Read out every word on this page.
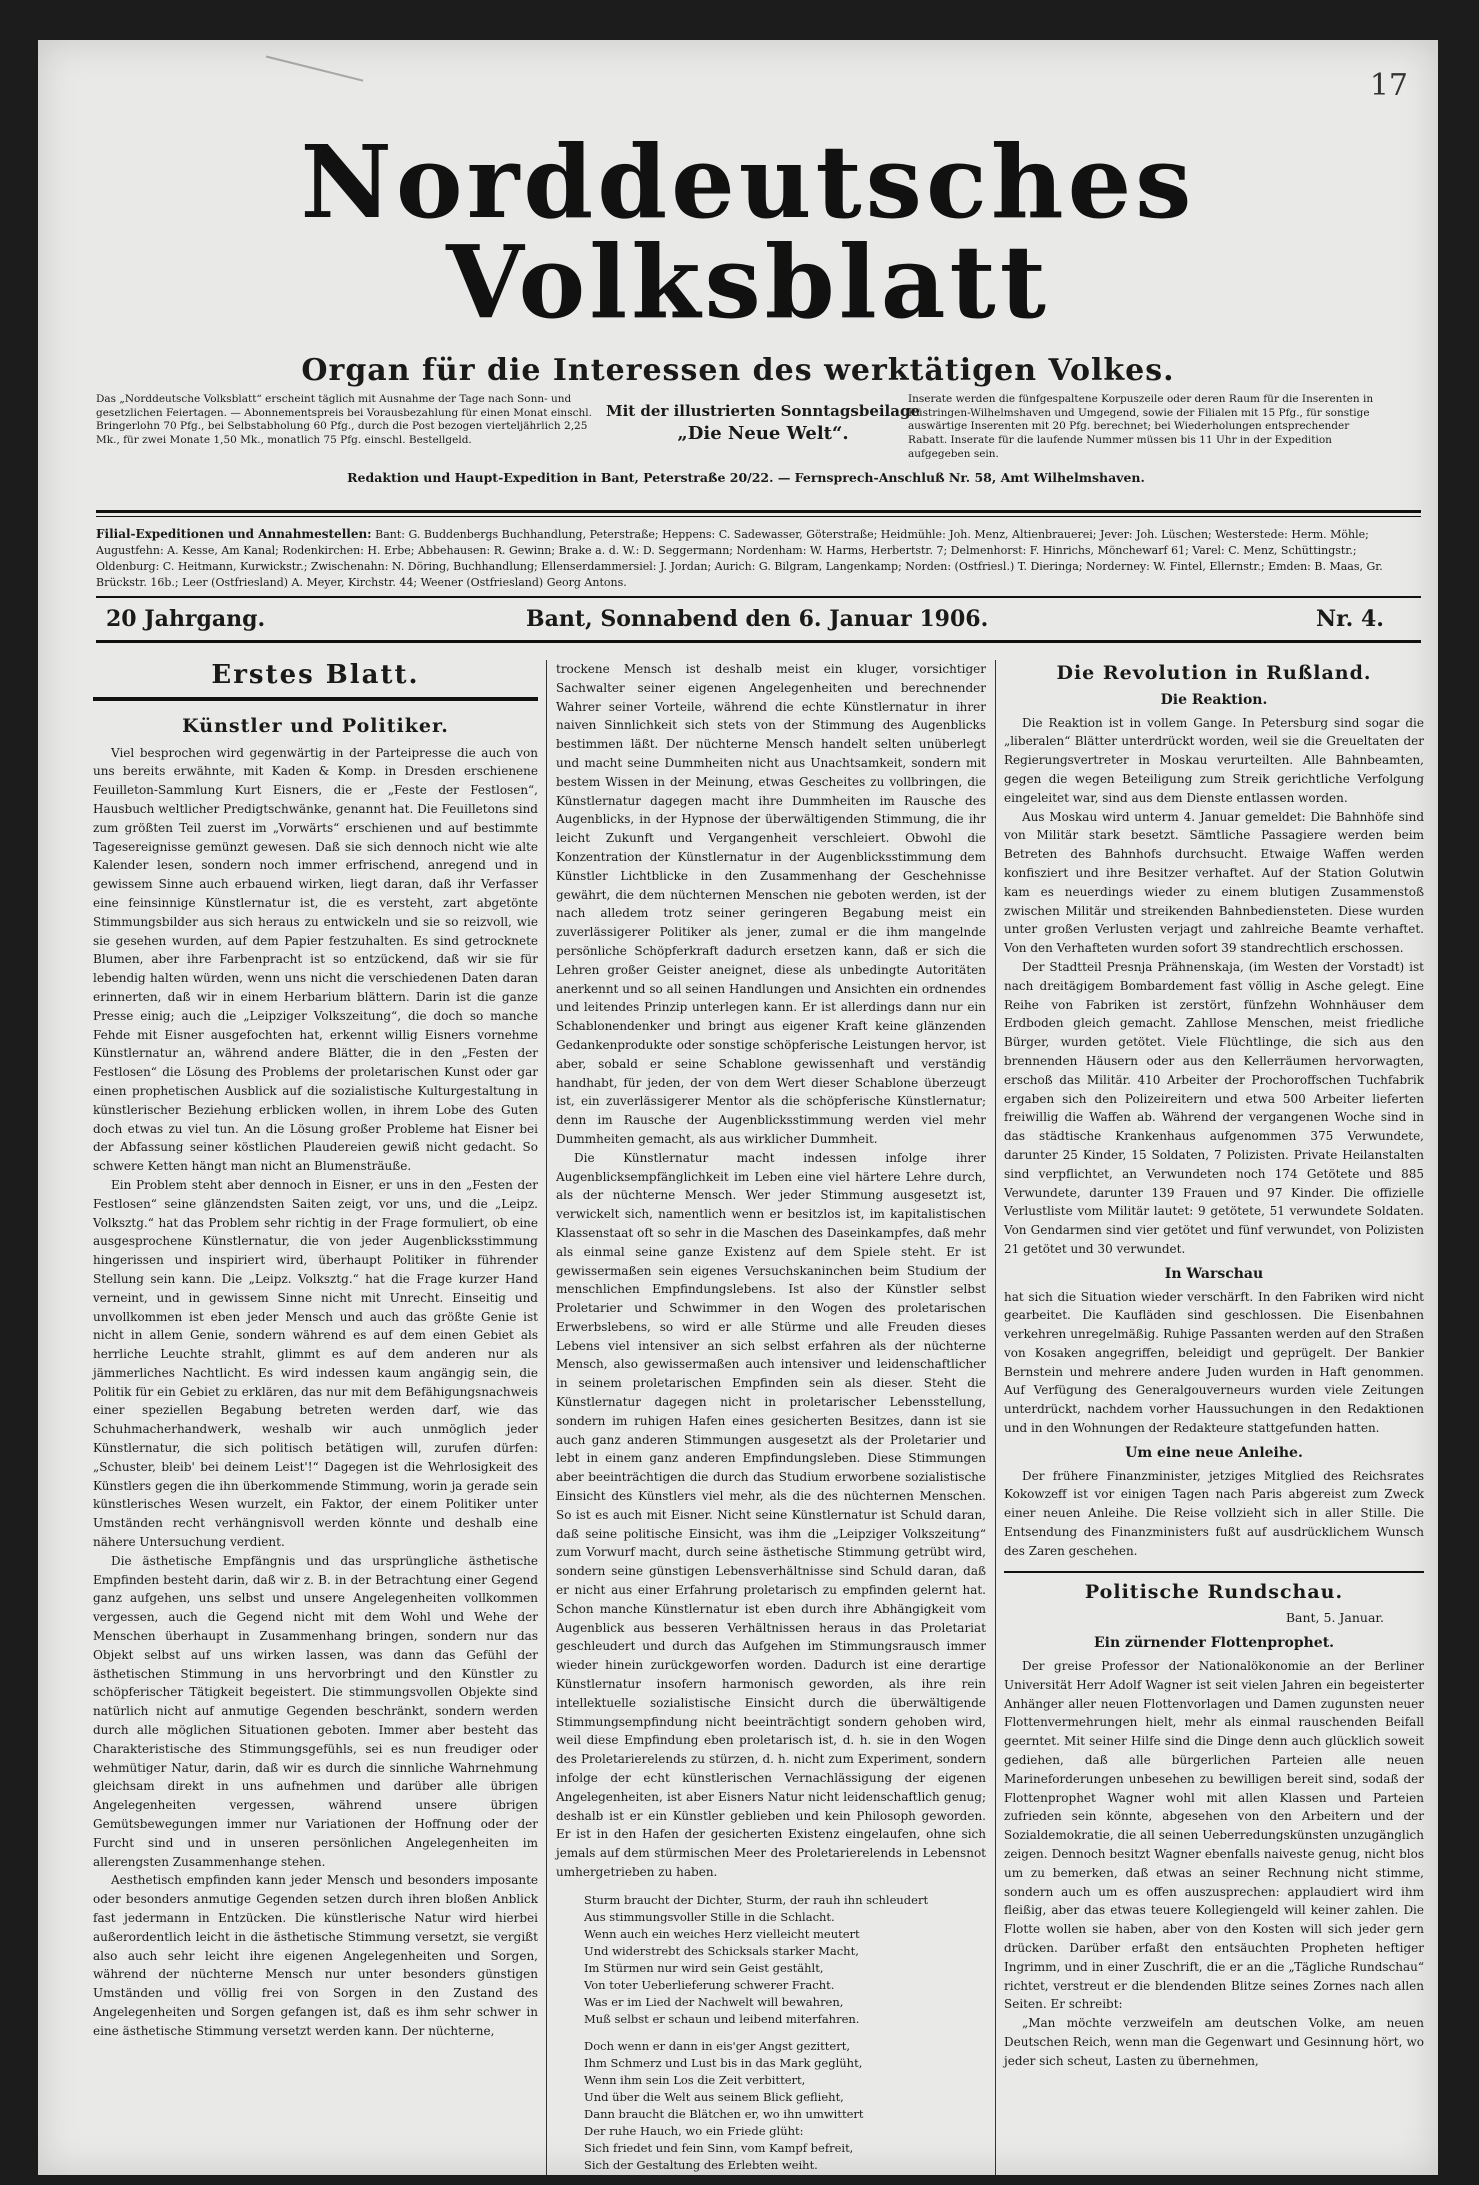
17
Norddeutsches Volksblatt
Organ für die Interessen des werktätigen Volkes.
Das „Norddeutsche Volksblatt“ erscheint täglich mit Ausnahme der Tage nach Sonn- und gesetzlichen Feiertagen. — Abonnementspreis bei Vorausbezahlung für einen Monat einschl. Bringerlohn 70 Pfg., bei Selbstabholung 60 Pfg., durch die Post bezogen vierteljährlich 2,25 Mk., für zwei Monate 1,50 Mk., monatlich 75 Pfg. einschl. Bestellgeld.
Mit der illustrierten Sonntagsbeilage
„Die Neue Welt“.
Inserate werden die fünfgespaltene Korpuszeile oder deren Raum für die Inserenten in Rüstringen-Wilhelmshaven und Umgegend, sowie der Filialen mit 15 Pfg., für sonstige auswärtige Inserenten mit 20 Pfg. berechnet; bei Wiederholungen entsprechender Rabatt. Inserate für die laufende Nummer müssen bis 11 Uhr in der Expedition aufgegeben sein.
Redaktion und Haupt-Expedition in Bant, Peterstraße 20/22. — Fernsprech-Anschluß Nr. 58, Amt Wilhelmshaven.
Filial-Expeditionen und Annahmestellen: Bant: G. Buddenbergs Buchhandlung, Peterstraße; Heppens: C. Sadewasser, Göterstraße; Heidmühle: Joh. Menz, Altienbrauerei; Jever: Joh. Lüschen; Westerstede: Herm. Möhle; Augustfehn: A. Kesse, Am Kanal; Rodenkirchen: H. Erbe; Abbehausen: R. Gewinn; Brake a. d. W.: D. Seggermann; Nordenham: W. Harms, Herbertstr. 7; Delmenhorst: F. Hinrichs, Mönchewarf 61; Varel: C. Menz, Schüttingstr.; Oldenburg: C. Heitmann, Kurwickstr.; Zwischenahn: N. Döring, Buchhandlung; Ellenserdammersiel: J. Jordan; Aurich: G. Bilgram, Langenkamp; Norden: (Ostfriesl.) T. Dieringa; Norderney: W. Fintel, Ellernstr.; Emden: B. Maas, Gr. Brückstr. 16b.; Leer (Ostfriesland) A. Meyer, Kirchstr. 44; Weener (Ostfriesland) Georg Antons.
20 Jahrgang.	Bant, Sonnabend den 6. Januar 1906.	Nr. 4.
Erstes Blatt.
Künstler und Politiker.

Viel besprochen wird gegenwärtig in der Parteipresse die auch von uns bereits erwähnte, mit Kaden & Komp. in Dresden erschienene Feuilleton-Sammlung Kurt Eisners, die er „Feste der Festlosen“, Hausbuch weltlicher Predigtschwänke, genannt hat. Die Feuilletons sind zum größten Teil zuerst im „Vorwärts“ erschienen und auf bestimmte Tagesereignisse gemünzt gewesen. Daß sie sich dennoch nicht wie alte Kalender lesen, sondern noch immer erfrischend, anregend und in gewissem Sinne auch erbauend wirken, liegt daran, daß ihr Verfasser eine feinsinnige Künstlernatur ist, die es versteht, zart abgetönte Stimmungsbilder aus sich heraus zu entwickeln und sie so reizvoll, wie sie gesehen wurden, auf dem Papier festzuhalten. Es sind getrocknete Blumen, aber ihre Farbenpracht ist so entzückend, daß wir sie für lebendig halten würden, wenn uns nicht die verschiedenen Daten daran erinnerten, daß wir in einem Herbarium blättern. Darin ist die ganze Presse einig; auch die „Leipziger Volkszeitung“, die doch so manche Fehde mit Eisner ausgefochten hat, erkennt willig Eisners vornehme Künstlernatur an, während andere Blätter, die in den „Festen der Festlosen“ die Lösung des Problems der proletarischen Kunst oder gar einen prophetischen Ausblick auf die sozialistische Kulturgestaltung in künstlerischer Beziehung erblicken wollen, in ihrem Lobe des Guten doch etwas zu viel tun. An die Lösung großer Probleme hat Eisner bei der Abfassung seiner köstlichen Plaudereien gewiß nicht gedacht. So schwere Ketten hängt man nicht an Blumensträuße.

Ein Problem steht aber dennoch in Eisner, er uns in den „Festen der Festlosen“ seine glänzendsten Saiten zeigt, vor uns, und die „Leipz. Volksztg.“ hat das Problem sehr richtig in der Frage formuliert, ob eine ausgesprochene Künstlernatur, die von jeder Augenblicksstimmung hingerissen und inspiriert wird, überhaupt Politiker in führender Stellung sein kann. Die „Leipz. Volksztg.“ hat die Frage kurzer Hand verneint, und in gewissem Sinne nicht mit Unrecht. Einseitig und unvollkommen ist eben jeder Mensch und auch das größte Genie ist nicht in allem Genie, sondern während es auf dem einen Gebiet als herrliche Leuchte strahlt, glimmt es auf dem anderen nur als jämmerliches Nachtlicht. Es wird indessen kaum angängig sein, die Politik für ein Gebiet zu erklären, das nur mit dem Befähigungsnachweis einer speziellen Begabung betreten werden darf, wie das Schuhmacherhandwerk, weshalb wir auch unmöglich jeder Künstlernatur, die sich politisch betätigen will, zurufen dürfen: „Schuster, bleib' bei deinem Leist'!“ Dagegen ist die Wehrlosigkeit des Künstlers gegen die ihn überkommende Stimmung, worin ja gerade sein künstlerisches Wesen wurzelt, ein Faktor, der einem Politiker unter Umständen recht verhängnisvoll werden könnte und deshalb eine nähere Untersuchung verdient.

Die ästhetische Empfängnis und das ursprüngliche ästhetische Empfinden besteht darin, daß wir z. B. in der Betrachtung einer Gegend ganz aufgehen, uns selbst und unsere Angelegenheiten vollkommen vergessen, auch die Gegend nicht mit dem Wohl und Wehe der Menschen überhaupt in Zusammenhang bringen, sondern nur das Objekt selbst auf uns wirken lassen, was dann das Gefühl der ästhetischen Stimmung in uns hervorbringt und den Künstler zu schöpferischer Tätigkeit begeistert. Die stimmungsvollen Objekte sind natürlich nicht auf anmutige Gegenden beschränkt, sondern werden durch alle möglichen Situationen geboten. Immer aber besteht das Charakteristische des Stimmungsgefühls, sei es nun freudiger oder wehmütiger Natur, darin, daß wir es durch die sinnliche Wahrnehmung gleichsam direkt in uns aufnehmen und darüber alle übrigen Angelegenheiten vergessen, während unsere übrigen Gemütsbewegungen immer nur Variationen der Hoffnung oder der Furcht sind und in unseren persönlichen Angelegenheiten im allerengsten Zusammenhange stehen.

Aesthetisch empfinden kann jeder Mensch und besonders imposante oder besonders anmutige Gegenden setzen durch ihren bloßen Anblick fast jedermann in Entzücken. Die künstlerische Natur wird hierbei außerordentlich leicht in die ästhetische Stimmung versetzt, sie vergißt also auch sehr leicht ihre eigenen Angelegenheiten und Sorgen, während der nüchterne Mensch nur unter besonders günstigen Umständen und völlig frei von Sorgen in den Zustand des Angelegenheiten und Sorgen gefangen ist, daß es ihm sehr schwer in eine ästhetische Stimmung versetzt werden kann. Der nüchterne,

trockene Mensch ist deshalb meist ein kluger, vorsichtiger Sachwalter seiner eigenen Angelegenheiten und berechnender Wahrer seiner Vorteile, während die echte Künstlernatur in ihrer naiven Sinnlichkeit sich stets von der Stimmung des Augenblicks bestimmen läßt. Der nüchterne Mensch handelt selten unüberlegt und macht seine Dummheiten nicht aus Unachtsamkeit, sondern mit bestem Wissen in der Meinung, etwas Gescheites zu vollbringen, die Künstlernatur dagegen macht ihre Dummheiten im Rausche des Augenblicks, in der Hypnose der überwältigenden Stimmung, die ihr leicht Zukunft und Vergangenheit verschleiert. Obwohl die Konzentration der Künstlernatur in der Augenblicksstimmung dem Künstler Lichtblicke in den Zusammenhang der Geschehnisse gewährt, die dem nüchternen Menschen nie geboten werden, ist der nach alledem trotz seiner geringeren Begabung meist ein zuverlässigerer Politiker als jener, zumal er die ihm mangelnde persönliche Schöpferkraft dadurch ersetzen kann, daß er sich die Lehren großer Geister aneignet, diese als unbedingte Autoritäten anerkennt und so all seinen Handlungen und Ansichten ein ordnendes und leitendes Prinzip unterlegen kann. Er ist allerdings dann nur ein Schablonendenker und bringt aus eigener Kraft keine glänzenden Gedankenprodukte oder sonstige schöpferische Leistungen hervor, ist aber, sobald er seine Schablone gewissenhaft und verständig handhabt, für jeden, der von dem Wert dieser Schablone überzeugt ist, ein zuverlässigerer Mentor als die schöpferische Künstlernatur; denn im Rausche der Augenblicksstimmung werden viel mehr Dummheiten gemacht, als aus wirklicher Dummheit.

Die Künstlernatur macht indessen infolge ihrer Augenblicksempfänglichkeit im Leben eine viel härtere Lehre durch, als der nüchterne Mensch. Wer jeder Stimmung ausgesetzt ist, verwickelt sich, namentlich wenn er besitzlos ist, im kapitalistischen Klassenstaat oft so sehr in die Maschen des Daseinkampfes, daß mehr als einmal seine ganze Existenz auf dem Spiele steht. Er ist gewissermaßen sein eigenes Versuchskaninchen beim Studium der menschlichen Empfindungslebens. Ist also der Künstler selbst Proletarier und Schwimmer in den Wogen des proletarischen Erwerbslebens, so wird er alle Stürme und alle Freuden dieses Lebens viel intensiver an sich selbst erfahren als der nüchterne Mensch, also gewissermaßen auch intensiver und leidenschaftlicher in seinem proletarischen Empfinden sein als dieser. Steht die Künstlernatur dagegen nicht in proletarischer Lebensstellung, sondern im ruhigen Hafen eines gesicherten Besitzes, dann ist sie auch ganz anderen Stimmungen ausgesetzt als der Proletarier und lebt in einem ganz anderen Empfindungsleben. Diese Stimmungen aber beeinträchtigen die durch das Studium erworbene sozialistische Einsicht des Künstlers viel mehr, als die des nüchternen Menschen. So ist es auch mit Eisner. Nicht seine Künstlernatur ist Schuld daran, daß seine politische Einsicht, was ihm die „Leipziger Volkszeitung“ zum Vorwurf macht, durch seine ästhetische Stimmung getrübt wird, sondern seine günstigen Lebensverhältnisse sind Schuld daran, daß er nicht aus einer Erfahrung proletarisch zu empfinden gelernt hat. Schon manche Künstlernatur ist eben durch ihre Abhängigkeit vom Augenblick aus besseren Verhältnissen heraus in das Proletariat geschleudert und durch das Aufgehen im Stimmungsrausch immer wieder hinein zurückgeworfen worden. Dadurch ist eine derartige Künstlernatur insofern harmonisch geworden, als ihre rein intellektuelle sozialistische Einsicht durch die überwältigende Stimmungsempfindung nicht beeinträchtigt sondern gehoben wird, weil diese Empfindung eben proletarisch ist, d. h. sie in den Wogen des Proletarierelends zu stürzen, d. h. nicht zum Experiment, sondern infolge der echt künstlerischen Vernachlässigung der eigenen Angelegenheiten, ist aber Eisners Natur nicht leidenschaftlich genug; deshalb ist er ein Künstler geblieben und kein Philosoph geworden. Er ist in den Hafen der gesicherten Existenz eingelaufen, ohne sich jemals auf dem stürmischen Meer des Proletarierelends in Lebensnot umhergetrieben zu haben.

Sturm braucht der Dichter, Sturm, der rauh ihn schleudert
Aus stimmungsvoller Stille in die Schlacht.
Wenn auch ein weiches Herz vielleicht meutert
Und widerstrebt des Schicksals starker Macht,
Im Stürmen nur wird sein Geist gestählt,
Von toter Ueberlieferung schwerer Fracht.
Was er im Lied der Nachwelt will bewahren,
Muß selbst er schaun und leibend miterfahren.
Doch wenn er dann in eis'ger Angst gezittert,
Ihm Schmerz und Lust bis in das Mark geglüht,
Wenn ihm sein Los die Zeit verbittert,
Und über die Welt aus seinem Blick geflieht,
Dann braucht die Blätchen er, wo ihn umwittert
Der ruhe Hauch, wo ein Friede glüht:
Sich friedet und fein Sinn, vom Kampf befreit,
Sich der Gestaltung des Erlebten weiht.
Die Revolution in Rußland.
Die Reaktion.

Die Reaktion ist in vollem Gange. In Petersburg sind sogar die „liberalen“ Blätter unterdrückt worden, weil sie die Greueltaten der Regierungsvertreter in Moskau verurteilten. Alle Bahnbeamten, gegen die wegen Beteiligung zum Streik gerichtliche Verfolgung eingeleitet war, sind aus dem Dienste entlassen worden.

Aus Moskau wird unterm 4. Januar gemeldet: Die Bahnhöfe sind von Militär stark besetzt. Sämtliche Passagiere werden beim Betreten des Bahnhofs durchsucht. Etwaige Waffen werden konfisziert und ihre Besitzer verhaftet. Auf der Station Golutwin kam es neuerdings wieder zu einem blutigen Zusammenstoß zwischen Militär und streikenden Bahnbediensteten. Diese wurden unter großen Verlusten verjagt und zahlreiche Beamte verhaftet. Von den Verhafteten wurden sofort 39 standrechtlich erschossen.

Der Stadtteil Presnja Prähnenskaja, (im Westen der Vorstadt) ist nach dreitägigem Bombardement fast völlig in Asche gelegt. Eine Reihe von Fabriken ist zerstört, fünfzehn Wohnhäuser dem Erdboden gleich gemacht. Zahllose Menschen, meist friedliche Bürger, wurden getötet. Viele Flüchtlinge, die sich aus den brennenden Häusern oder aus den Kellerräumen hervorwagten, erschoß das Militär. 410 Arbeiter der Prochoroffschen Tuchfabrik ergaben sich den Polizeireitern und etwa 500 Arbeiter lieferten freiwillig die Waffen ab. Während der vergangenen Woche sind in das städtische Krankenhaus aufgenommen 375 Verwundete, darunter 25 Kinder, 15 Soldaten, 7 Polizisten. Private Heilanstalten sind verpflichtet, an Verwundeten noch 174 Getötete und 885 Verwundete, darunter 139 Frauen und 97 Kinder. Die offizielle Verlustliste vom Militär lautet: 9 getötete, 51 verwundete Soldaten. Von Gendarmen sind vier getötet und fünf verwundet, von Polizisten 21 getötet und 30 verwundet.

In Warschau

hat sich die Situation wieder verschärft. In den Fabriken wird nicht gearbeitet. Die Kaufläden sind geschlossen. Die Eisenbahnen verkehren unregelmäßig. Ruhige Passanten werden auf den Straßen von Kosaken angegriffen, beleidigt und geprügelt. Der Bankier Bernstein und mehrere andere Juden wurden in Haft genommen. Auf Verfügung des Generalgouverneurs wurden viele Zeitungen unterdrückt, nachdem vorher Haussuchungen in den Redaktionen und in den Wohnungen der Redakteure stattgefunden hatten.

Um eine neue Anleihe.

Der frühere Finanzminister, jetziges Mitglied des Reichsrates Kokowzeff ist vor einigen Tagen nach Paris abgereist zum Zweck einer neuen Anleihe. Die Reise vollzieht sich in aller Stille. Die Entsendung des Finanzministers fußt auf ausdrücklichem Wunsch des Zaren geschehen.

Politische Rundschau.
Bant, 5. Januar.
Ein zürnender Flottenprophet.

Der greise Professor der Nationalökonomie an der Berliner Universität Herr Adolf Wagner ist seit vielen Jahren ein begeisterter Anhänger aller neuen Flottenvorlagen und Damen zugunsten neuer Flottenvermehrungen hielt, mehr als einmal rauschenden Beifall geerntet. Mit seiner Hilfe sind die Dinge denn auch glücklich soweit gediehen, daß alle bürgerlichen Parteien alle neuen Marineforderungen unbesehen zu bewilligen bereit sind, sodaß der Flottenprophet Wagner wohl mit allen Klassen und Parteien zufrieden sein könnte, abgesehen von den Arbeitern und der Sozialdemokratie, die all seinen Ueberredungskünsten unzugänglich zeigen. Dennoch besitzt Wagner ebenfalls naiveste genug, nicht blos um zu bemerken, daß etwas an seiner Rechnung nicht stimme, sondern auch um es offen auszusprechen: applaudiert wird ihm fleißig, aber das etwas teuere Kollegiengeld will keiner zahlen. Die Flotte wollen sie haben, aber von den Kosten will sich jeder gern drücken. Darüber erfaßt den entsäuchten Propheten heftiger Ingrimm, und in einer Zuschrift, die er an die „Tägliche Rundschau“ richtet, verstreut er die blendenden Blitze seines Zornes nach allen Seiten. Er schreibt:

„Man möchte verzweifeln am deutschen Volke, am neuen Deutschen Reich, wenn man die Gegenwart und Gesinnung hört, wo jeder sich scheut, Lasten zu übernehmen,
